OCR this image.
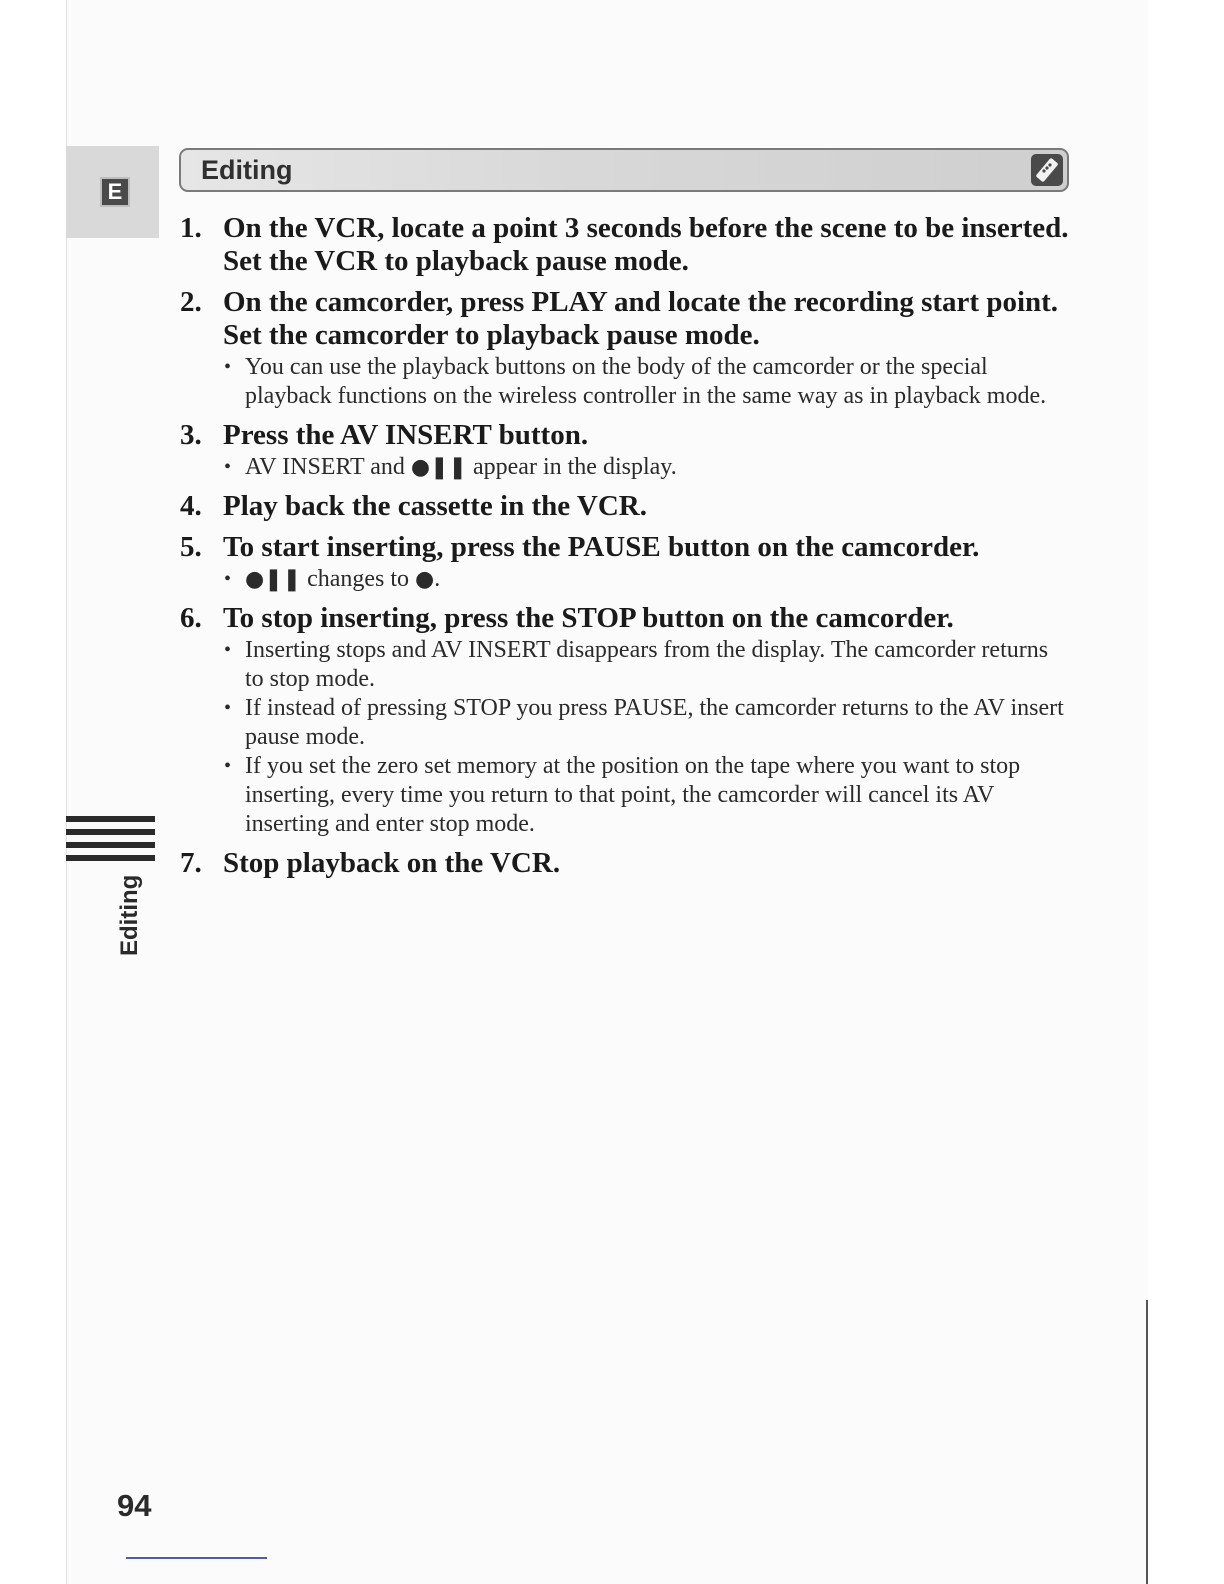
E
Editing
Editing
1. On the VCR, locate a point 3 seconds before the scene to be inserted. Set the VCR to playback pause mode.
2. On the camcorder, press PLAY and locate the recording start point. Set the camcorder to playback pause mode.
• You can use the playback buttons on the body of the camcorder or the special playback functions on the wireless controller in the same way as in playback mode.
3. Press the AV INSERT button.
• AV INSERT and ●❚❚ appear in the display.
4. Play back the cassette in the VCR.
5. To start inserting, press the PAUSE button on the camcorder.
• ●❚❚ changes to ●.
6. To stop inserting, press the STOP button on the camcorder.
• Inserting stops and AV INSERT disappears from the display. The camcorder returns to stop mode.
• If instead of pressing STOP you press PAUSE, the camcorder returns to the AV insert pause mode.
• If you set the zero set memory at the position on the tape where you want to stop inserting, every time you return to that point, the camcorder will cancel its AV inserting and enter stop mode.
7. Stop playback on the VCR.
94
